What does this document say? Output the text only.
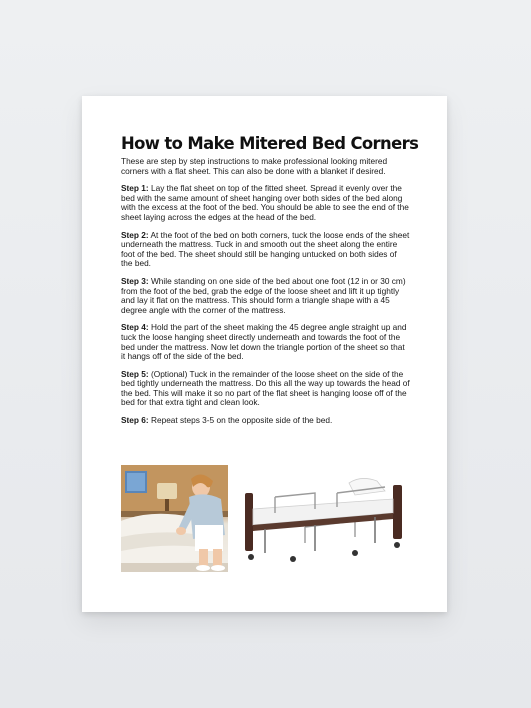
How to Make Mitered Bed Corners

These are step by step instructions to make professional looking mitered corners with a flat sheet. This can also be done with a blanket if desired.

Step 1: Lay the flat sheet on top of the fitted sheet. Spread it evenly over the bed with the same amount of sheet hanging over both sides of the bed along with the excess at the foot of the bed. You should be able to see the end of the sheet laying across the edges at the head of the bed.

Step 2: At the foot of the bed on both corners, tuck the loose ends of the sheet underneath the mattress. Tuck in and smooth out the sheet along the entire foot of the bed. The sheet should still be hanging untucked on both sides of the bed.

Step 3: While standing on one side of the bed about one foot (12 in or 30 cm) from the foot of the bed, grab the edge of the loose sheet and lift it up tightly and lay it flat on the mattress. This should form a triangle shape with a 45 degree angle with the corner of the mattress.

Step 4: Hold the part of the sheet making the 45 degree angle straight up and tuck the loose hanging sheet directly underneath and towards the foot of the bed under the mattress. Now let down the triangle portion of the sheet so that it hangs off of the side of the bed.

Step 5: (Optional) Tuck in the remainder of the loose sheet on the side of the bed tightly underneath the mattress. Do this all the way up towards the head of the bed. This will make it so no part of the flat sheet is hanging loose off of the bed for that extra tight and clean look.

Step 6: Repeat steps 3-5 on the opposite side of the bed.
